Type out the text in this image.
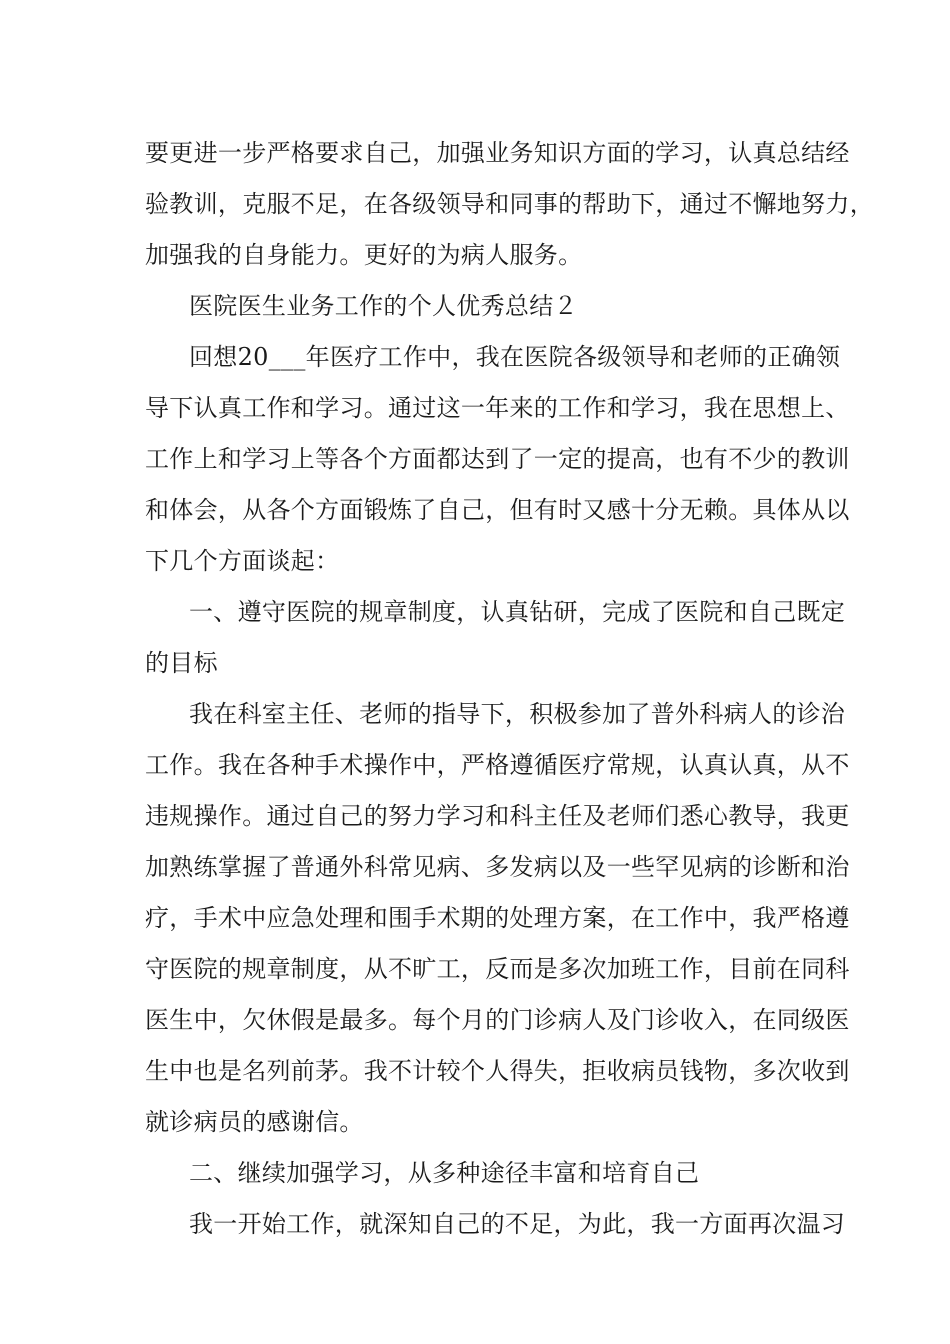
要更进一步严格要求自己，加强业务知识方面的学习，认真总结经
验教训，克服不足，在各级领导和同事的帮助下，通过不懈地努力，
加强我的自身能力。更好的为病人服务。
医院医生业务工作的个人优秀总结２
回想20___年医疗工作中，我在医院各级领导和老师的正确领
导下认真工作和学习。通过这一年来的工作和学习，我在思想上、
工作上和学习上等各个方面都达到了一定的提高，也有不少的教训
和体会，从各个方面锻炼了自己，但有时又感十分无赖。具体从以
下几个方面谈起：
一、遵守医院的规章制度，认真钻研，完成了医院和自己既定
的目标
我在科室主任、老师的指导下，积极参加了普外科病人的诊治
工作。我在各种手术操作中，严格遵循医疗常规，认真认真，从不
违规操作。通过自己的努力学习和科主任及老师们悉心教导，我更
加熟练掌握了普通外科常见病、多发病以及一些罕见病的诊断和治
疗，手术中应急处理和围手术期的处理方案，在工作中，我严格遵
守医院的规章制度，从不旷工，反而是多次加班工作，目前在同科
医生中，欠休假是最多。每个月的门诊病人及门诊收入，在同级医
生中也是名列前茅。我不计较个人得失，拒收病员钱物，多次收到
就诊病员的感谢信。
二、继续加强学习，从多种途径丰富和培育自己
我一开始工作，就深知自己的不足，为此，我一方面再次温习
